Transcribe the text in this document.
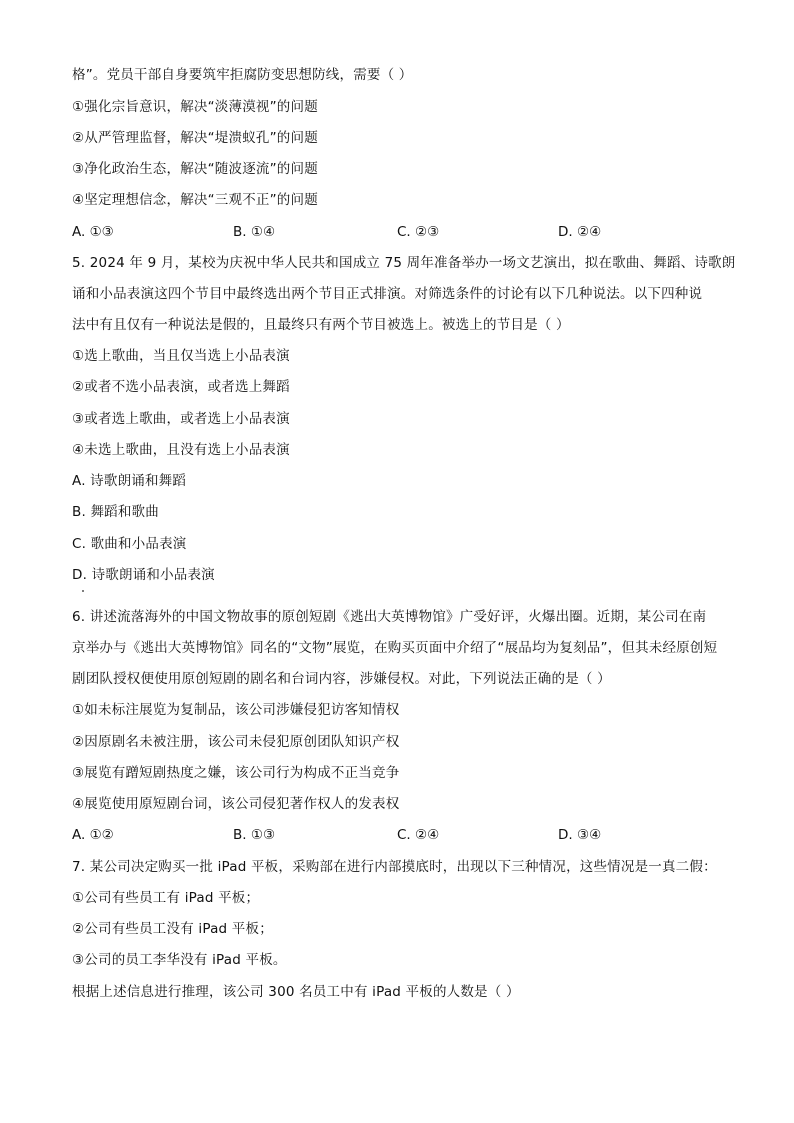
格”。党员干部自身要筑牢拒腐防变思想防线，需要（ ）
①强化宗旨意识，解决“淡薄漠视”的问题
②从严管理监督，解决“堤溃蚁孔”的问题
③净化政治生态，解决“随波逐流”的问题
④坚定理想信念，解决“三观不正”的问题
A. ①③	B. ①④	C. ②③	D. ②④
5. 2024 年 9 月，某校为庆祝中华人民共和国成立 75 周年准备举办一场文艺演出，拟在歌曲、舞蹈、诗歌朗
诵和小品表演这四个节目中最终选出两个节目正式排演。对筛选条件的讨论有以下几种说法。以下四种说
法中有且仅有一种说法是假的，且最终只有两个节目被选上。被选上的节目是（ ）
①选上歌曲，当且仅当选上小品表演
②或者不选小品表演，或者选上舞蹈
③或者选上歌曲，或者选上小品表演
④未选上歌曲，且没有选上小品表演
A. 诗歌朗诵和舞蹈
B. 舞蹈和歌曲
C. 歌曲和小品表演
D. 诗歌朗诵和小品表演
6. 讲述流落海外的中国文物故事的原创短剧《逃出大英博物馆》广受好评，火爆出圈。近期，某公司在南
京举办与《逃出大英博物馆》同名的“文物”展览，在购买页面中介绍了“展品均为复刻品”，但其未经原创短
剧团队授权便使用原创短剧的剧名和台词内容，涉嫌侵权。对此，下列说法正确的是（ ）
①如未标注展览为复制品，该公司涉嫌侵犯访客知情权
②因原剧名未被注册，该公司未侵犯原创团队知识产权
③展览有蹭短剧热度之嫌，该公司行为构成不正当竞争
④展览使用原短剧台词，该公司侵犯著作权人的发表权
A. ①②	B. ①③	C. ②④	D. ③④
7. 某公司决定购买一批 iPad 平板，采购部在进行内部摸底时，出现以下三种情况，这些情况是一真二假：
①公司有些员工有 iPad 平板；
②公司有些员工没有 iPad 平板；
③公司的员工李华没有 iPad 平板。
根据上述信息进行推理，该公司 300 名员工中有 iPad 平板的人数是（ ）
